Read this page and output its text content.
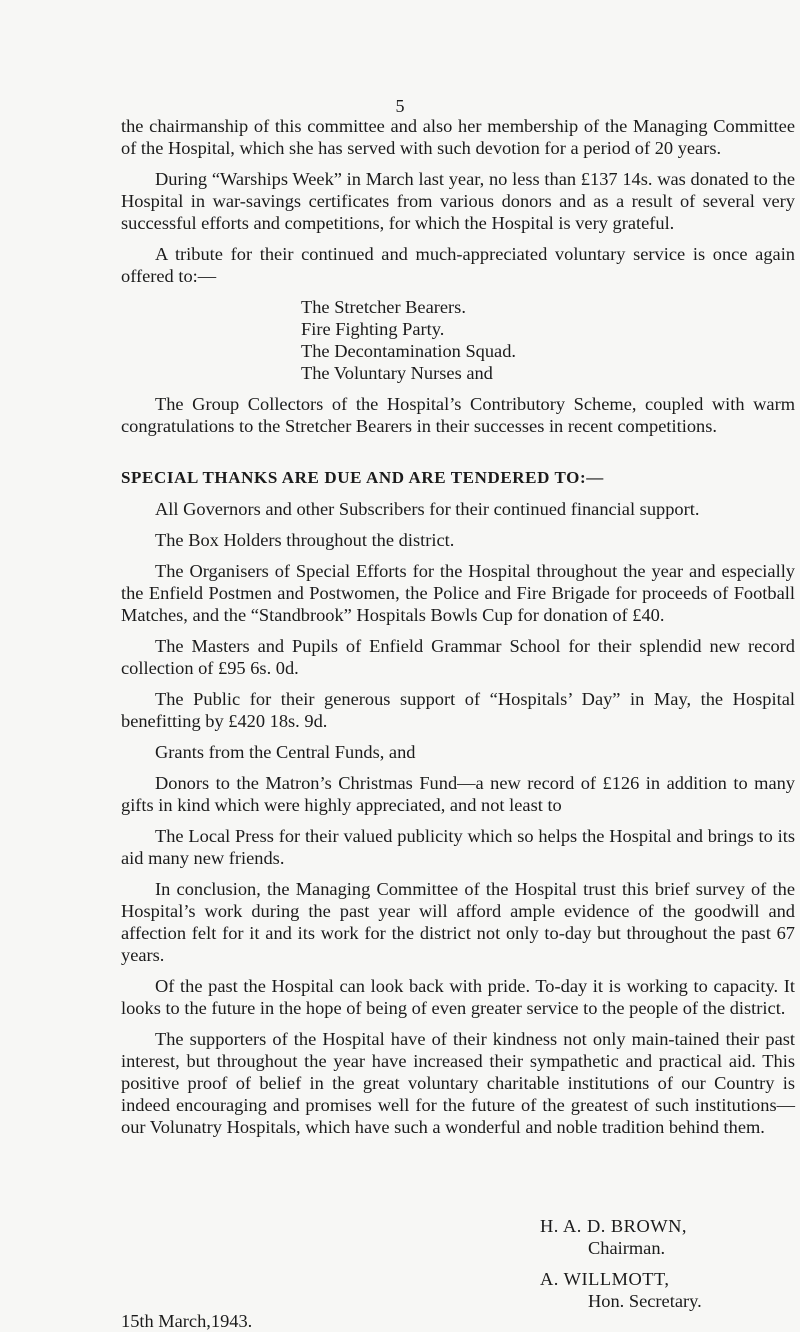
5

the chairmanship of this committee and also her membership of the Managing Committee of the Hospital, which she has served with such devotion for a period of 20 years.

During “Warships Week” in March last year, no less than £137 14s. was donated to the Hospital in war-savings certificates from various donors and as a result of several very successful efforts and competitions, for which the Hospital is very grateful.

A tribute for their continued and much-appreciated voluntary service is once again offered to:—

The Stretcher Bearers.
Fire Fighting Party.
The Decontamination Squad.
The Voluntary Nurses and

The Group Collectors of the Hospital’s Contributory Scheme, coupled with warm congratulations to the Stretcher Bearers in their successes in recent competitions.

SPECIAL THANKS ARE DUE AND ARE TENDERED TO:—

All Governors and other Subscribers for their continued financial support.

The Box Holders throughout the district.

The Organisers of Special Efforts for the Hospital throughout the year and especially the Enfield Postmen and Postwomen, the Police and Fire Brigade for proceeds of Football Matches, and the “Standbrook” Hospitals Bowls Cup for donation of £40.

The Masters and Pupils of Enfield Grammar School for their splendid new record collection of £95 6s. 0d.

The Public for their generous support of “Hospitals’ Day” in May, the Hospital benefitting by £420 18s. 9d.

Grants from the Central Funds, and

Donors to the Matron’s Christmas Fund—a new record of £126 in addition to many gifts in kind which were highly appreciated, and not least to

The Local Press for their valued publicity which so helps the Hospital and brings to its aid many new friends.

In conclusion, the Managing Committee of the Hospital trust this brief survey of the Hospital’s work during the past year will afford ample evidence of the goodwill and affection felt for it and its work for the district not only to-day but throughout the past 67 years.

Of the past the Hospital can look back with pride. To-day it is working to capacity. It looks to the future in the hope of being of even greater service to the people of the district.

The supporters of the Hospital have of their kindness not only main-tained their past interest, but throughout the year have increased their sympathetic and practical aid. This positive proof of belief in the great voluntary charitable institutions of our Country is indeed encouraging and promises well for the future of the greatest of such institutions—our Volunatry Hospitals, which have such a wonderful and noble tradition behind them.

H. A. D. BROWN,
Chairman.
A. WILLMOTT,
Hon. Secretary.
15th March,1943.
